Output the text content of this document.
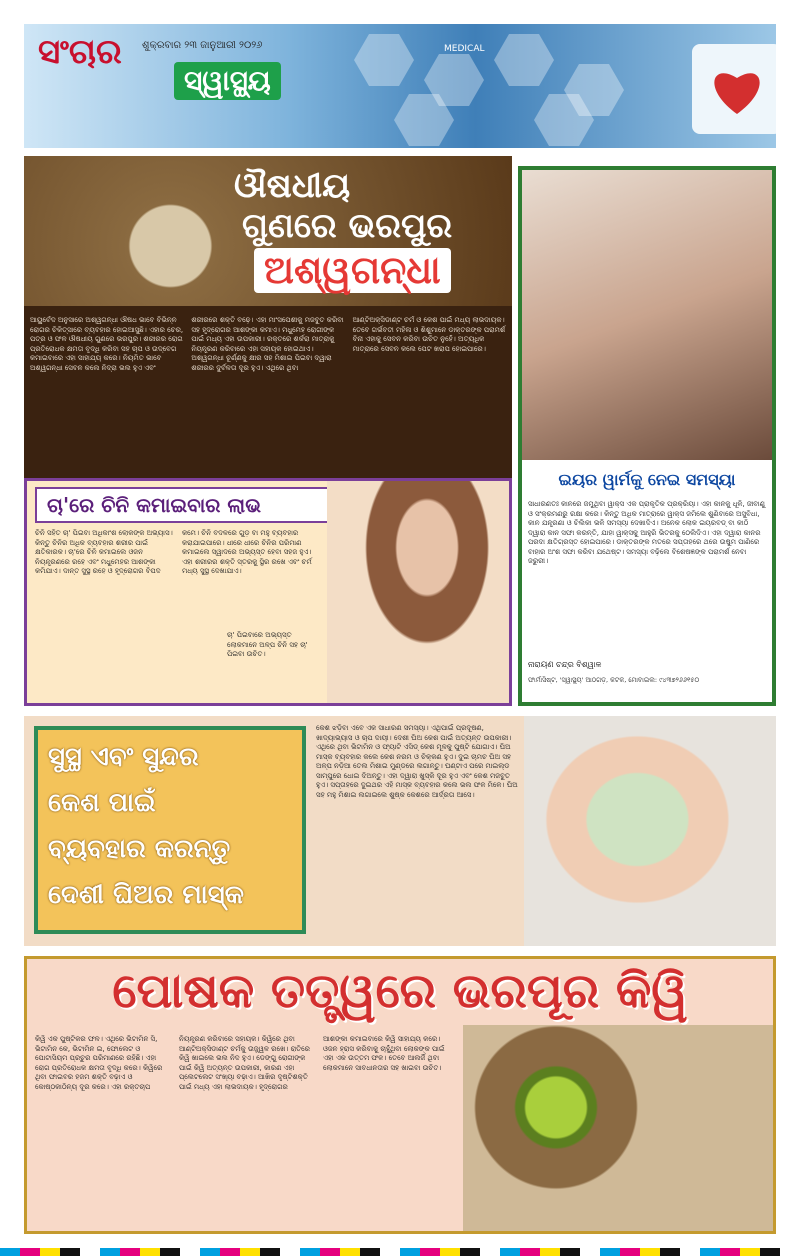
ସଂଚାର ଶୁକ୍ରବାର ୨୩ ଜାନୁଆରୀ ୨୦୨୬
ସ୍ୱାସ୍ଥ୍ୟ
MEDICAL
ଔଷଧୀୟ
ଗୁଣରେ ଭରପୁର
ଅଶ୍ୱଗନ୍ଧା
ଆୟୁର୍ବେଦ ଅନୁସାରେ ଅଶ୍ୱଗନ୍ଧା ଔଷଧ ଭାବେ ବିଭିନ୍ନ ରୋଗର ଚିକିତ୍ସାରେ ବ୍ୟବହାର ହୋଇଆସୁଛି। ଏହାର ଚେର, ପତ୍ର ଓ ଫଳ ଔଷଧୀୟ ଗୁଣରେ ଭରପୁର। ଶରୀରର ରୋଗ ପ୍ରତିରୋଧକ କ୍ଷମତା ବୃଦ୍ଧି କରିବା ସହ ଚାପ ଓ ଉଦ୍‌ବେଗ କମାଇବାରେ ଏହା ସାହାଯ୍ୟ କରେ। ନିୟମିତ ଭାବେ ଅଶ୍ୱଗନ୍ଧା ସେବନ କଲେ ନିଦ୍ରା ଭଲ ହୁଏ ଏବଂ ଶରୀରରେ ଶକ୍ତି ବଢ଼େ। ଏହା ମାଂସପେଶୀକୁ ମଜବୁତ କରିବା ସହ ହୃଦ୍‌ରୋଗର ଆଶଙ୍କା କମାଏ। ମଧୁମେହ ରୋଗୀଙ୍କ ପାଇଁ ମଧ୍ୟ ଏହା ଉପକାରୀ। ରକ୍ତରେ ଶର୍କରା ମାତ୍ରାକୁ ନିୟନ୍ତ୍ରଣ କରିବାରେ ଏହା ସହାୟକ ହୋଇଥାଏ। ଅଶ୍ୱଗନ୍ଧା ଚୂର୍ଣ୍ଣକୁ କ୍ଷୀର ସହ ମିଶାଇ ପିଇବା ଦ୍ୱାରା ଶରୀରର ଦୁର୍ବଳତା ଦୂର ହୁଏ। ଏଥିରେ ଥିବା ଆଣ୍ଟିଅକ୍ସିଡାଣ୍ଟ ଚର୍ମ ଓ କେଶ ପାଇଁ ମଧ୍ୟ ଲାଭଦାୟକ। ତେବେ ଗର୍ଭବତୀ ମହିଳା ଓ ଶିଶୁମାନେ ଡାକ୍ତରଙ୍କ ପରାମର୍ଶ ବିନା ଏହାକୁ ସେବନ କରିବା ଉଚିତ ନୁହେଁ। ଅତ୍ୟଧିକ ମାତ୍ରାରେ ସେବନ କଲେ ପେଟ ଖରାପ ହୋଇପାରେ।
ଇୟର ୱାର୍ମକୁ ନେଇ ସମସ୍ୟା
ସାଧାରଣତଃ କାନରେ ଜମୁଥିବା ୱାକ୍ସ ଏକ ପ୍ରାକୃତିକ ପ୍ରକ୍ରିୟା। ଏହା କାନକୁ ଧୂଳି, ଜୀବାଣୁ ଓ ସଂକ୍ରମଣରୁ ରକ୍ଷା କରେ। କିନ୍ତୁ ଅଧିକ ମାତ୍ରାରେ ୱାକ୍ସ ଜମିଲେ ଶୁଣିବାରେ ଅସୁବିଧା, କାନ ଯନ୍ତ୍ରଣା ଓ ଚିଲିକା ଭଳି ସମସ୍ୟା ଦେଖାଦିଏ। ଅନେକ ଲୋକ ଇୟରବଡ୍ ବା କାଠି ଦ୍ୱାରା କାନ ସଫା କରନ୍ତି, ଯାହା ୱାକ୍ସକୁ ଆହୁରି ଭିତରକୁ ଠେଲିଦିଏ। ଏହା ଦ୍ୱାରା କାନର ପରଦା କ୍ଷତିଗ୍ରସ୍ତ ହୋଇପାରେ। ଡାକ୍ତରଙ୍କ ମତରେ ସପ୍ତାହରେ ଥରେ ଉଷୁମ ପାଣିରେ ବାହାର ଅଂଶ ସଫା କରିବା ଯଥେଷ୍ଟ। ସମସ୍ୟା ବଢ଼ିଲେ ବିଶେଷଜ୍ଞଙ୍କ ପରାମର୍ଶ ନେବା ଜରୁରୀ।
ନାରାୟଣ ଚନ୍ଦ୍ର ବିଶ୍ୱାଳ
ଫାର୍ମାସିଷ୍ଟ, 'ସ୍ୱାସ୍ଥ୍ୟ' ଆଠଗଡ଼, କଟକ, ମୋବାଇଲ: ୯୪୩୭୨୬୬୧୫୦
ଚା'ରେ ଚିନି କମାଇବାର ଲାଭ
ଚିନି ସହିତ ଚା' ପିଇବା ଅଧିକାଂଶ ଲୋକଙ୍କ ଅଭ୍ୟାସ। କିନ୍ତୁ ଚିନିର ଅଧିକ ବ୍ୟବହାର ଶରୀର ପାଇଁ କ୍ଷତିକାରକ। ଚା'ରେ ଚିନି କମାଇଲେ ଓଜନ ନିୟନ୍ତ୍ରଣରେ ରହେ ଏବଂ ମଧୁମେହର ଆଶଙ୍କା କମିଯାଏ। ଦାନ୍ତ ସୁସ୍ଥ ରହେ ଓ ହୃଦ୍‌ରୋଗର ବିପଦ କମେ। ଚିନି ବଦଳରେ ଗୁଡ଼ ବା ମହୁ ବ୍ୟବହାର କରାଯାଇପାରେ। ଧୀରେ ଧୀରେ ଚିନିର ପରିମାଣ କମାଇଲେ ସ୍ୱାଦରେ ଅଭ୍ୟସ୍ତ ହେବା ସହଜ ହୁଏ। ଏହା ଶରୀରର ଶକ୍ତି ସ୍ତରକୁ ସ୍ଥିର ରଖେ ଏବଂ ଚର୍ମ ମଧ୍ୟ ସୁସ୍ଥ ଦେଖାଯାଏ।
ଚା' ପିଇବାରେ ଅଭ୍ୟସ୍ତ ଲୋକମାନେ ଅଳ୍ପ ଚିନି ସହ ଚା' ପିଇବା ଉଚିତ।
ସୁସ୍ଥ ଏବଂ ସୁନ୍ଦର
କେଶ ପାଇଁ
ବ୍ୟବହାର କରନ୍ତୁ
ଦେଶୀ ଘିଅର ମାସ୍କ
କେଶ ଝଡ଼ିବା ଏବେ ଏକ ସାଧାରଣ ସମସ୍ୟା। ଏଥିପାଇଁ ପ୍ରଦୂଷଣ, ଖାଦ୍ୟାଭ୍ୟାସ ଓ ଚାପ ଦାୟୀ। ଦେଶୀ ଘିଅ କେଶ ପାଇଁ ଅତ୍ୟନ୍ତ ଉପକାରୀ। ଏଥିରେ ଥିବା ଭିଟାମିନ ଓ ଫ୍ୟାଟି ଏସିଡ୍ କେଶ ମୂଳକୁ ପୁଷ୍ଟି ଯୋଗାଏ। ଘିଅ ମାସ୍କ ବ୍ୟବହାର କଲେ କେଶ ନରମ ଓ ଚିକ୍କଣ ହୁଏ। ଦୁଇ ଚାମଚ ଘିଅ ସହ ଅଳ୍ପ ନଡ଼ିଆ ତେଲ ମିଶାଇ ମୁଣ୍ଡରେ ଲଗାନ୍ତୁ। ଘଣ୍ଟାଏ ପରେ ମାଇଲ୍ଡ ସାମ୍ପୁରେ ଧୋଇ ଦିଅନ୍ତୁ। ଏହା ଦ୍ୱାରା ଖୁସ୍କି ଦୂର ହୁଏ ଏବଂ କେଶ ମଜବୁତ ହୁଏ। ସପ୍ତାହରେ ଦୁଇଥର ଏହି ମାସ୍କ ବ୍ୟବହାର କଲେ ଭଲ ଫଳ ମିଳେ। ଘିଅ ସହ ମହୁ ମିଶାଇ ଲଗାଇଲେ ଶୁଷ୍କ କେଶରେ ଆର୍ଦ୍ରତା ଆସେ।
ପୋଷକ ତତ୍ତ୍ୱରେ ଭରପୂର କିୱି
କିୱି ଏକ ପୁଷ୍ଟିକର ଫଳ। ଏଥିରେ ଭିଟାମିନ ସି, ଭିଟାମିନ କେ, ଭିଟାମିନ ଇ, ଫୋଲେଟ ଓ ପୋଟାସିୟମ ପ୍ରଚୁର ପରିମାଣରେ ରହିଛି। ଏହା ରୋଗ ପ୍ରତିରୋଧକ କ୍ଷମତା ବୃଦ୍ଧି କରେ। କିୱିରେ ଥିବା ଫାଇବର ହଜମ ଶକ୍ତି ବଢ଼ାଏ ଓ କୋଷ୍ଠକାଠିନ୍ୟ ଦୂର କରେ। ଏହା ରକ୍ତଚାପ ନିୟନ୍ତ୍ରଣ କରିବାରେ ସହାୟକ। କିୱିରେ ଥିବା ଆଣ୍ଟିଅକ୍ସିଡାଣ୍ଟ ଚର୍ମକୁ ଉଜ୍ଜ୍ୱଳ ରଖେ। ରାତିରେ କିୱି ଖାଇଲେ ଭଲ ନିଦ ହୁଏ। ଡେଙ୍ଗୁ ରୋଗୀଙ୍କ ପାଇଁ କିୱି ଅତ୍ୟନ୍ତ ଉପକାରୀ, କାରଣ ଏହା ପ୍ଲେଟଲେଟ ସଂଖ୍ୟା ବଢ଼ାଏ। ଆଖିର ଦୃଷ୍ଟିଶକ୍ତି ପାଇଁ ମଧ୍ୟ ଏହା ଲାଭଦାୟକ। ହୃଦ୍‌ରୋଗର ଆଶଙ୍କା କମାଇବାରେ କିୱି ସାହାଯ୍ୟ କରେ। ଓଜନ ହ୍ରାସ କରିବାକୁ ଚାହୁଁଥିବା ଲୋକଙ୍କ ପାଇଁ ଏହା ଏକ ଉତ୍ତମ ଫଳ। ତେବେ ଆଲର୍ଜି ଥିବା ଲୋକମାନେ ସାବଧାନତାର ସହ ଖାଇବା ଉଚିତ।
